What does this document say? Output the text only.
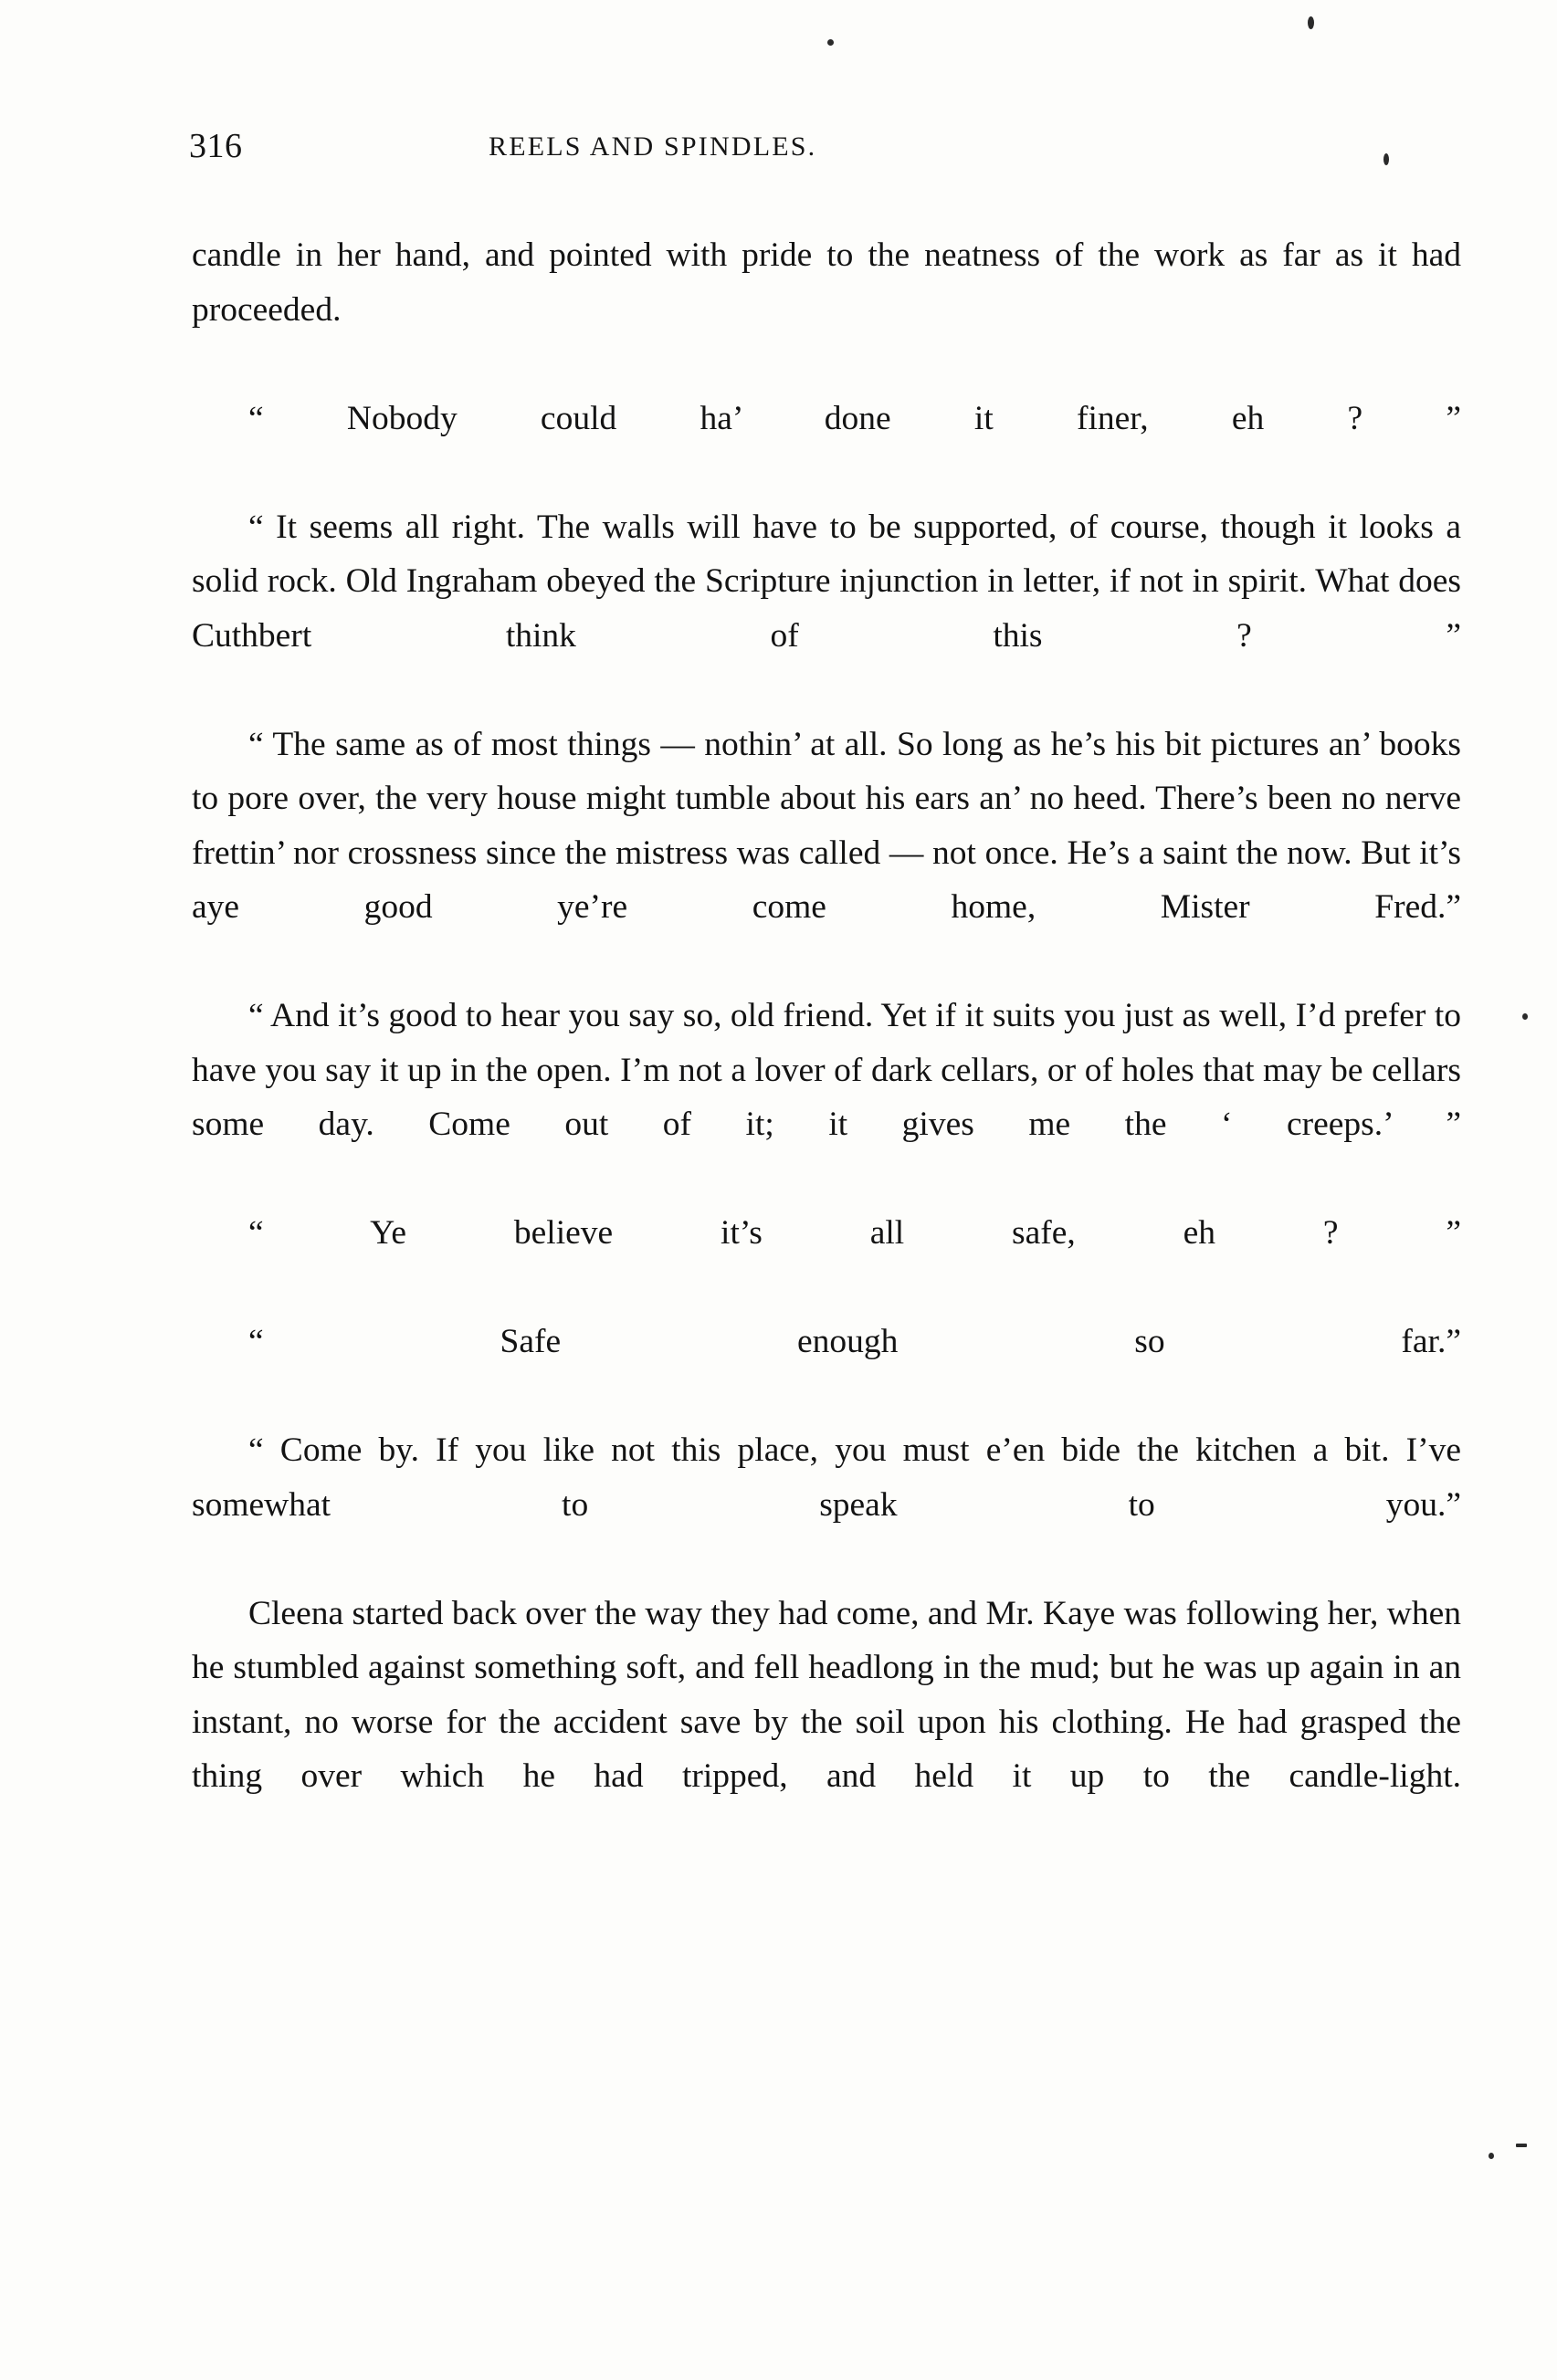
316	REELS AND SPINDLES.

candle in her hand, and pointed with pride to the neatness of the work as far as it had proceeded.

“ Nobody could ha’ done it finer, eh ? ”

“ It seems all right. The walls will have to be supported, of course, though it looks a solid rock. Old Ingraham obeyed the Scripture injunction in letter, if not in spirit. What does Cuthbert think of this ? ”

“ The same as of most things — nothin’ at all. So long as he’s his bit pictures an’ books to pore over, the very house might tumble about his ears an’ no heed. There’s been no nerve frettin’ nor crossness since the mistress was called — not once. He’s a saint the now. But it’s aye good ye’re come home, Mister Fred.”

“ And it’s good to hear you say so, old friend. Yet if it suits you just as well, I’d prefer to have you say it up in the open. I’m not a lover of dark cellars, or of holes that may be cellars some day. Come out of it; it gives me the ‘ creeps.’ ”

“ Ye believe it’s all safe, eh ? ”

“ Safe enough so far.”

“ Come by. If you like not this place, you must e’en bide the kitchen a bit. I’ve somewhat to speak to you.”

Cleena started back over the way they had come, and Mr. Kaye was following her, when he stumbled against something soft, and fell headlong in the mud; but he was up again in an instant, no worse for the accident save by the soil upon his clothing. He had grasped the thing over which he had tripped, and held it up to the candle-light.
